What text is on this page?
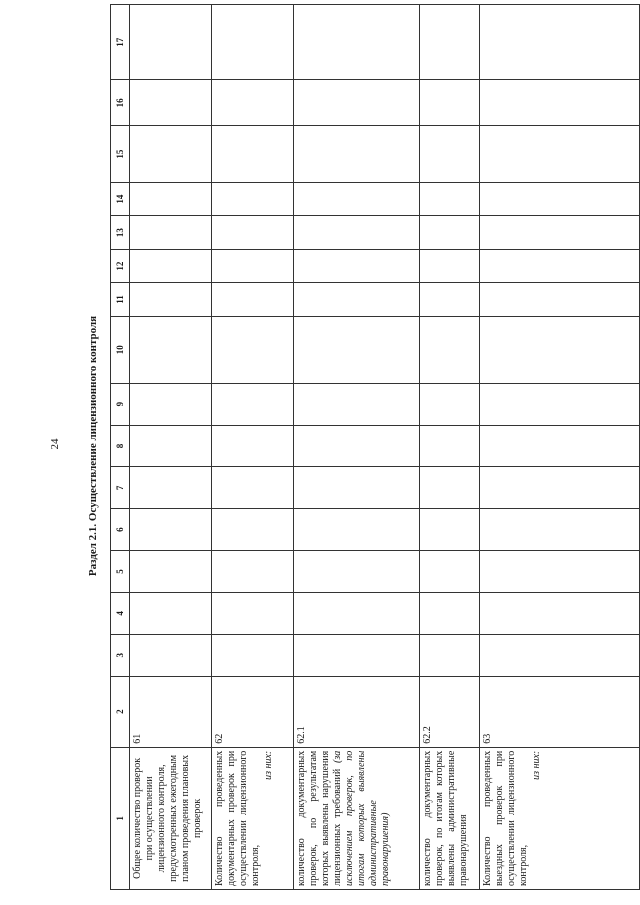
24 Раздел 2.1. Осуществление лицензионного контроля
1	2	3	4	5	6	7	8	9	10	11	12	13	14	15	16	17
Общее количество проверок при осуществлении лицензионного контроля, предусмотренных ежегодным планом проведения плановых проверок	61															
Количество проведенных документарных проверок при осуществлении лицензионного контроля,
из них:	62															
количество документарных проверок, по результатам которых выявлены нарушения лицензионных требований (за исключением проверок, по итогам которых выявлены административные правонарушения)	62.1															
количество документарных проверок, по итогам которых выявлены административные правонарушения	62.2															
Количество проведенных выездных проверок при осуществлении лицензионного контроля,
из них:	63															
